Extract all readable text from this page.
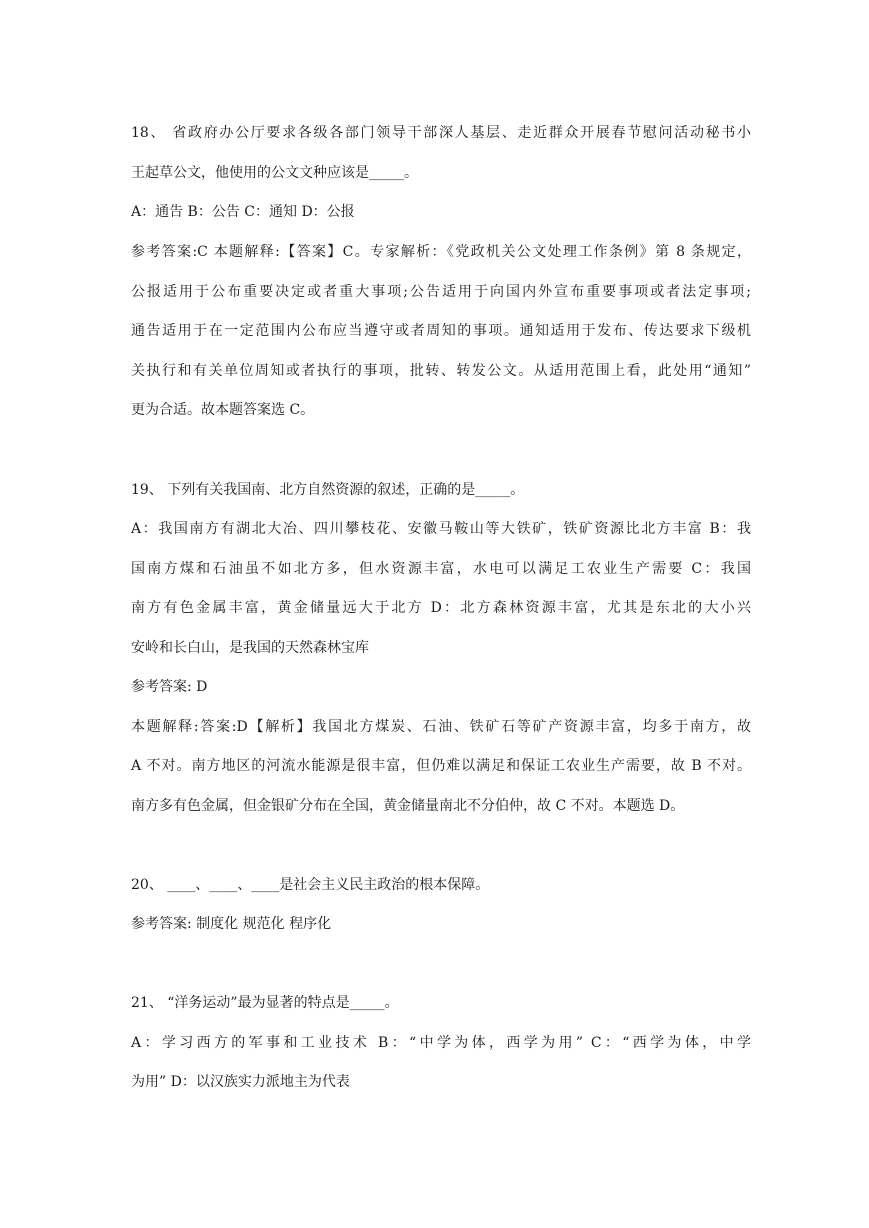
18、 省政府办公厅要求各级各部门领导干部深人基层、走近群众开展春节慰问活动秘书小
王起草公文，他使用的公文文种应该是_____。
A：通告 B：公告 C：通知 D：公报
参考答案:C 本题解释:【答案】C。专家解析：《党政机关公文处理工作条例》第 8 条规定，
公报适用于公布重要决定或者重大事项;公告适用于向国内外宣布重要事项或者法定事项;
通告适用于在一定范围内公布应当遵守或者周知的事项。通知适用于发布、传达要求下级机
关执行和有关单位周知或者执行的事项，批转、转发公文。从适用范围上看，此处用“通知”
更为合适。故本题答案选 C。
19、 下列有关我国南、北方自然资源的叙述，正确的是_____。
A：我国南方有湖北大冶、四川攀枝花、安徽马鞍山等大铁矿，铁矿资源比北方丰富 B：我
国南方煤和石油虽不如北方多，但水资源丰富，水电可以满足工农业生产需要 C：我国
南方有色金属丰富，黄金储量远大于北方 D：北方森林资源丰富，尤其是东北的大小兴
安岭和长白山，是我国的天然森林宝库
参考答案: D
本题解释:答案:D【解析】我国北方煤炭、石油、铁矿石等矿产资源丰富，均多于南方，故
A 不对。南方地区的河流水能源是很丰富，但仍难以满足和保证工农业生产需要，故 B 不对。
南方多有色金属，但金银矿分布在全国，黄金储量南北不分伯仲，故 C 不对。本题选 D。
20、 ____、____、____是社会主义民主政治的根本保障。
参考答案: 制度化 规范化 程序化
21、 “洋务运动”最为显著的特点是_____。
A：学习西方的军事和工业技术 B：“中学为体，西学为用” C：“西学为体，中学
为用” D：以汉族实力派地主为代表
